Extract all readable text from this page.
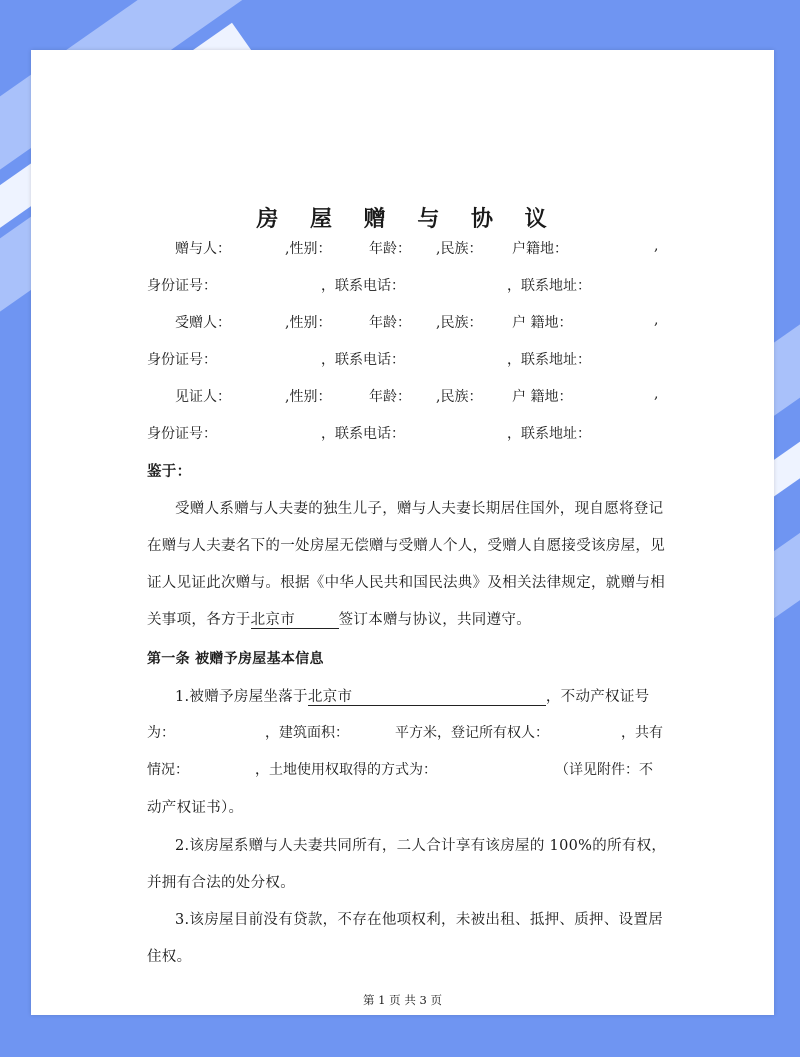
房 屋 赠 与 协 议
赠与人：	,性别：	年龄： ,民族： 户籍地：	,
身份证号：	，联系电话：	，联系地址：
受赠人：	,性别：	年龄： ,民族： 户 籍地：	,
身份证号：	，联系电话：	，联系地址：
见证人：	,性别：	年龄： ,民族： 户 籍地：	,
身份证号：	，联系电话：	，联系地址：
鉴于：
受赠人系赠与人夫妻的独生儿子，赠与人夫妻长期居住国外，现自愿将登记
在赠与人夫妻名下的一处房屋无偿赠与受赠人个人，受赠人自愿接受该房屋，见
证人见证此次赠与。根据《中华人民共和国民法典》及相关法律规定，就赠与相
关事项，各方于北京市	签订本赠与协议，共同遵守。
第一条 被赠予房屋基本信息
1.被赠予房屋坐落于北京市	，不动产权证号
为：	，建筑面积：	平方米，登记所有权人：	，共有
情况：	，土地使用权取得的方式为：	（详见附件：不
动产权证书）。
2.该房屋系赠与人夫妻共同所有，二人合计享有该房屋的 100%的所有权，
并拥有合法的处分权。
3.该房屋目前没有贷款，不存在他项权利，未被出租、抵押、质押、设置居
住权。
第 1 页 共 3 页
